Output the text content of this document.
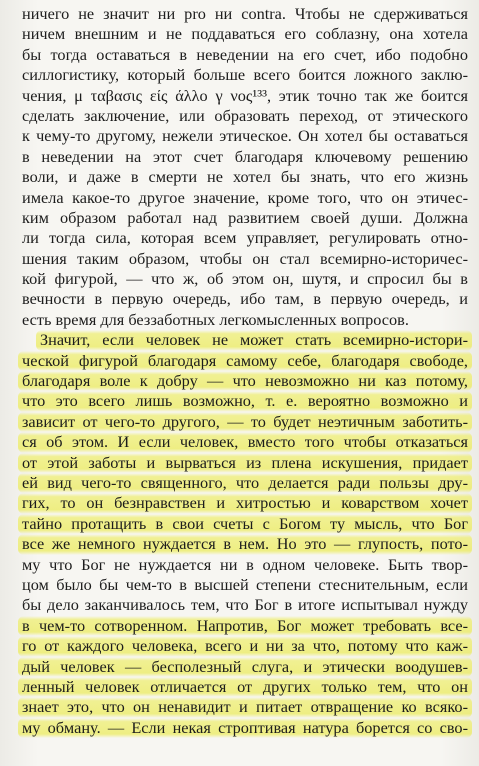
ничего не значит ни pro ни contra. Чтобы не сдерживаться
ничем внешним и не поддаваться его соблазну, она хотела
бы тогда оставаться в неведении на его счет, ибо подобно
силлогистику, который больше всего боится ложного заклю-
чения, μ ταβασις είς άλλο γ νος¹³³, этик точно так же боится
сделать заключение, или образовать переход, от этического
к чему-то другому, нежели этическое. Он хотел бы оставаться
в неведении на этот счет благодаря ключевому решению
воли, и даже в смерти не хотел бы знать, что его жизнь
имела какое-то другое значение, кроме того, что он этичес-
ким образом работал над развитием своей души. Должна
ли тогда сила, которая всем управляет, регулировать отно-
шения таким образом, чтобы он стал всемирно-историчес-
кой фигурой, — что ж, об этом он, шутя, и спросил бы в
вечности в первую очередь, ибо там, в первую очередь, и
есть время для беззаботных легкомысленных вопросов.
Значит, если человек не может стать всемирно-истори-
ческой фигурой благодаря самому себе, благодаря свободе,
благодаря воле к добру — что невозможно ни каз потому,
что это всего лишь возможно, т. е. вероятно возможно и
зависит от чего-то другого, — то будет неэтичным заботить-
ся об этом. И если человек, вместо того чтобы отказаться
от этой заботы и вырваться из плена искушения, придает
ей вид чего-то священного, что делается ради пользы дру-
гих, то он безнравствен и хитростью и коварством хочет
тайно протащить в свои счеты с Богом ту мысль, что Бог
все же немного нуждается в нем. Но это — глупость, пото-
му что Бог не нуждается ни в одном человеке. Быть твор-
цом было бы чем-то в высшей степени стеснительным, если
бы дело заканчивалось тем, что Бог в итоге испытывал нужду
в чем-то сотворенном. Напротив, Бог может требовать все-
го от каждого человека, всего и ни за что, потому что каж-
дый человек — бесполезный слуга, и этически воодушев-
ленный человек отличается от других только тем, что он
знает это, что он ненавидит и питает отвращение ко всяко-
му обману. — Если некая строптивая натура борется со сво-
